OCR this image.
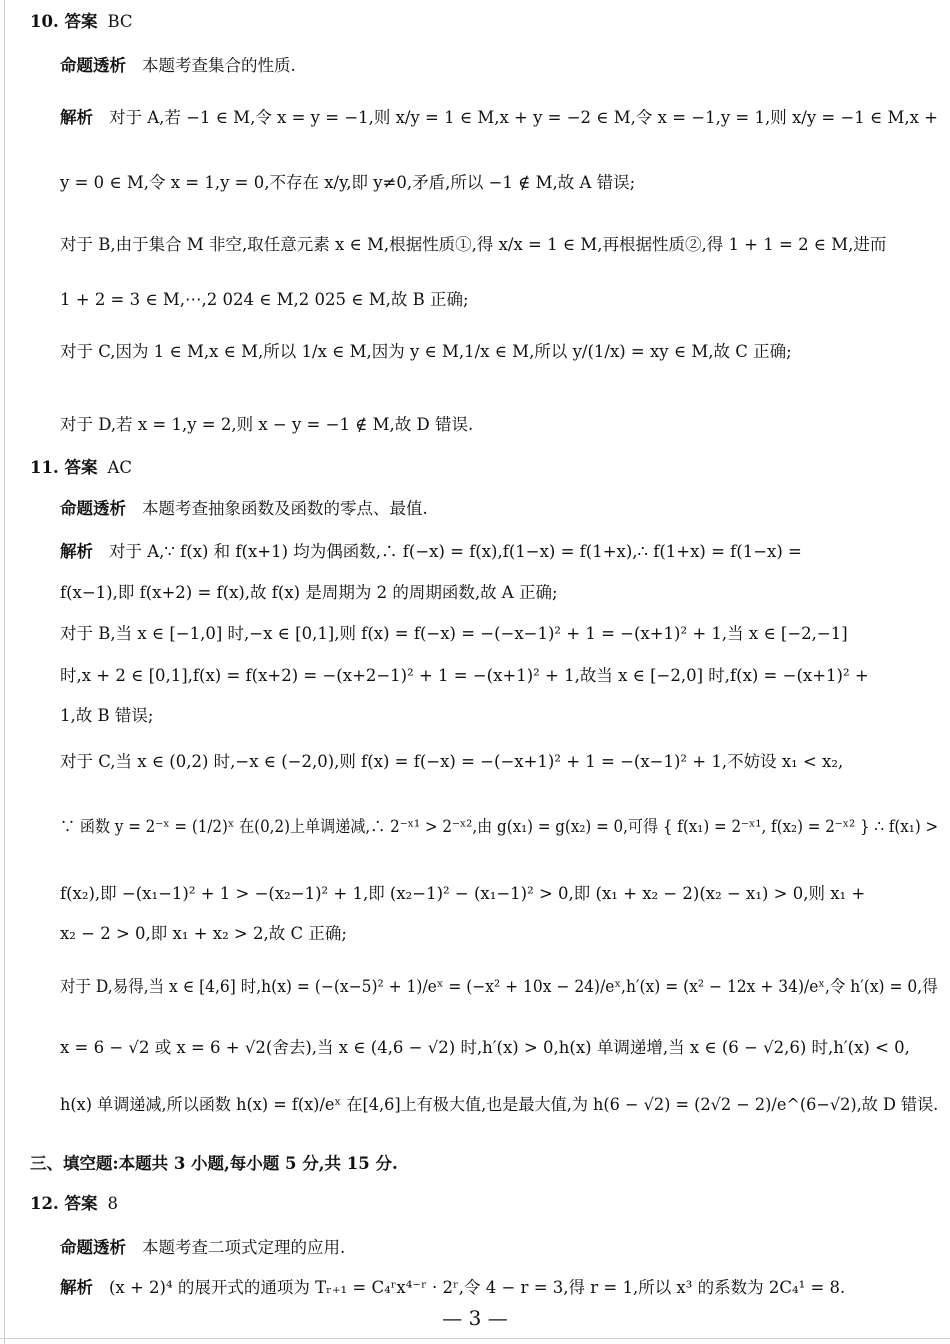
10. 答案 BC
命题透析 本题考查集合的性质.
解析 对于 A,若 −1 ∈ M,令 x = y = −1,则 x/y = 1 ∈ M,x + y = −2 ∈ M,令 x = −1,y = 1,则 x/y = −1 ∈ M,x +
y = 0 ∈ M,令 x = 1,y = 0,不存在 x/y,即 y≠0,矛盾,所以 −1 ∉ M,故 A 错误;
对于 B,由于集合 M 非空,取任意元素 x ∈ M,根据性质①,得 x/x = 1 ∈ M,再根据性质②,得 1 + 1 = 2 ∈ M,进而
1 + 2 = 3 ∈ M,⋯,2 024 ∈ M,2 025 ∈ M,故 B 正确;
对于 C,因为 1 ∈ M,x ∈ M,所以 1/x ∈ M,因为 y ∈ M,1/x ∈ M,所以 y/(1/x) = xy ∈ M,故 C 正确;
对于 D,若 x = 1,y = 2,则 x − y = −1 ∉ M,故 D 错误.
11. 答案 AC
命题透析 本题考查抽象函数及函数的零点、最值.
解析 对于 A,∵ f(x) 和 f(x+1) 均为偶函数,∴ f(−x) = f(x),f(1−x) = f(1+x),∴ f(1+x) = f(1−x) =
f(x−1),即 f(x+2) = f(x),故 f(x) 是周期为 2 的周期函数,故 A 正确;
对于 B,当 x ∈ [−1,0] 时,−x ∈ [0,1],则 f(x) = f(−x) = −(−x−1)² + 1 = −(x+1)² + 1,当 x ∈ [−2,−1]
时,x + 2 ∈ [0,1],f(x) = f(x+2) = −(x+2−1)² + 1 = −(x+1)² + 1,故当 x ∈ [−2,0] 时,f(x) = −(x+1)² +
1,故 B 错误;
对于 C,当 x ∈ (0,2) 时,−x ∈ (−2,0),则 f(x) = f(−x) = −(−x+1)² + 1 = −(x−1)² + 1,不妨设 x₁ < x₂,
∵ 函数 y = 2⁻ˣ = (1/2)ˣ 在(0,2)上单调递减,∴ 2⁻ˣ¹ > 2⁻ˣ²,由 g(x₁) = g(x₂) = 0,可得 { f(x₁) = 2⁻ˣ¹, f(x₂) = 2⁻ˣ² } ∴ f(x₁) >
f(x₂),即 −(x₁−1)² + 1 > −(x₂−1)² + 1,即 (x₂−1)² − (x₁−1)² > 0,即 (x₁ + x₂ − 2)(x₂ − x₁) > 0,则 x₁ +
x₂ − 2 > 0,即 x₁ + x₂ > 2,故 C 正确;
对于 D,易得,当 x ∈ [4,6] 时,h(x) = (−(x−5)² + 1)/eˣ = (−x² + 10x − 24)/eˣ,h′(x) = (x² − 12x + 34)/eˣ,令 h′(x) = 0,得
x = 6 − √2 或 x = 6 + √2(舍去),当 x ∈ (4,6 − √2) 时,h′(x) > 0,h(x) 单调递增,当 x ∈ (6 − √2,6) 时,h′(x) < 0,
h(x) 单调递减,所以函数 h(x) = f(x)/eˣ 在[4,6]上有极大值,也是最大值,为 h(6 − √2) = (2√2 − 2)/e^(6−√2),故 D 错误.
三、填空题:本题共 3 小题,每小题 5 分,共 15 分.
12. 答案 8
命题透析 本题考查二项式定理的应用.
解析 (x + 2)⁴ 的展开式的通项为 Tᵣ₊₁ = C₄ʳx⁴⁻ʳ · 2ʳ,令 4 − r = 3,得 r = 1,所以 x³ 的系数为 2C₄¹ = 8.
— 3 —
